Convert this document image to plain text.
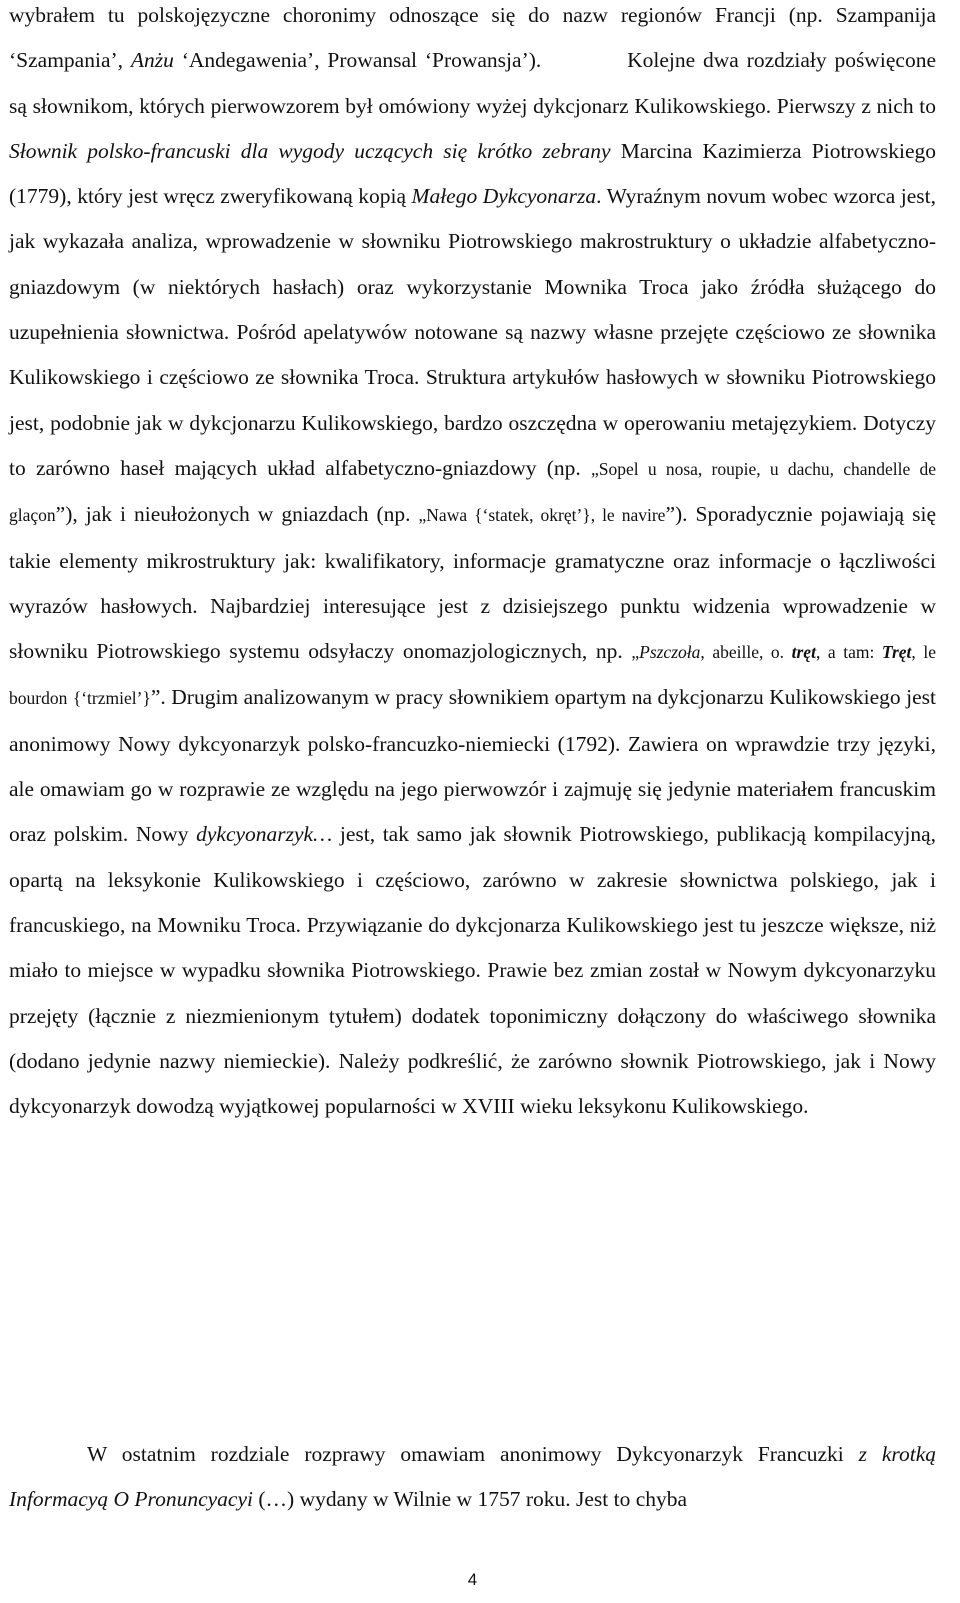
wybrałem tu polskojęzyczne choronimy odnoszące się do nazw regionów Francji (np. Szampanija ‘Szampania’, Anżu ‘Andegawenia’, Prowansal ‘Prowansja’).	Kolejne dwa rozdziały poświęcone są słownikom, których pierwowzorem był omówiony wyżej dykcjonarz Kulikowskiego. Pierwszy z nich to Słownik polsko-francuski dla wygody uczących się krótko zebrany Marcina Kazimierza Piotrowskiego (1779), który jest wręcz zweryfikowaną kopią Małego Dykcyonarza. Wyraźnym novum wobec wzorca jest, jak wykazała analiza, wprowadzenie w słowniku Piotrowskiego makrostruktury o układzie alfabetyczno-gniazdowym (w niektórych hasłach) oraz wykorzystanie Mownika Troca jako źródła służącego do uzupełnienia słownictwa. Pośród apelatywów notowane są nazwy własne przejęte częściowo ze słownika Kulikowskiego i częściowo ze słownika Troca. Struktura artykułów hasłowych w słowniku Piotrowskiego jest, podobnie jak w dykcjonarzu Kulikowskiego, bardzo oszczędna w operowaniu metajęzykiem. Dotyczy to zarówno haseł mających układ alfabetyczno-gniazdowy (np. „Sopel u nosa, roupie, u dachu, chandelle de glaçon”), jak i nieułożonych w gniazdach (np. „Nawa {‘statek, okręt’}, le navire”). Sporadycznie pojawiają się takie elementy mikrostruktury jak: kwalifikatory, informacje gramatyczne oraz informacje o łączliwości wyrazów hasłowych. Najbardziej interesujące jest z dzisiejszego punktu widzenia wprowadzenie w słowniku Piotrowskiego systemu odsyłaczy onomazjologicznych, np. „Pszczoła, abeille, o. tręt, a tam: Tręt, le bourdon {‘trzmiel’}”. Drugim analizowanym w pracy słownikiem opartym na dykcjonarzu Kulikowskiego jest anonimowy Nowy dykcyonarzyk polsko-francuzko-niemiecki (1792). Zawiera on wprawdzie trzy języki, ale omawiam go w rozprawie ze względu na jego pierwowzór i zajmuję się jedynie materiałem francuskim oraz polskim. Nowy dykcyonarzyk… jest, tak samo jak słownik Piotrowskiego, publikacją kompilacyjną, opartą na leksykonie Kulikowskiego i częściowo, zarówno w zakresie słownictwa polskiego, jak i francuskiego, na Mowniku Troca. Przywiązanie do dykcjonarza Kulikowskiego jest tu jeszcze większe, niż miało to miejsce w wypadku słownika Piotrowskiego. Prawie bez zmian został w Nowym dykcyonarzyku przejęty (łącznie z niezmienionym tytułem) dodatek toponimiczny dołączony do właściwego słownika (dodano jedynie nazwy niemieckie). Należy podkreślić, że zarówno słownik Piotrowskiego, jak i Nowy dykcyonarzyk dowodzą wyjątkowej popularności w XVIII wieku leksykonu Kulikowskiego.

W ostatnim rozdziale rozprawy omawiam anonimowy Dykcyonarzyk Francuzki z krotką Informacyą O Pronuncyacyi (…) wydany w Wilnie w 1757 roku. Jest to chyba

4
